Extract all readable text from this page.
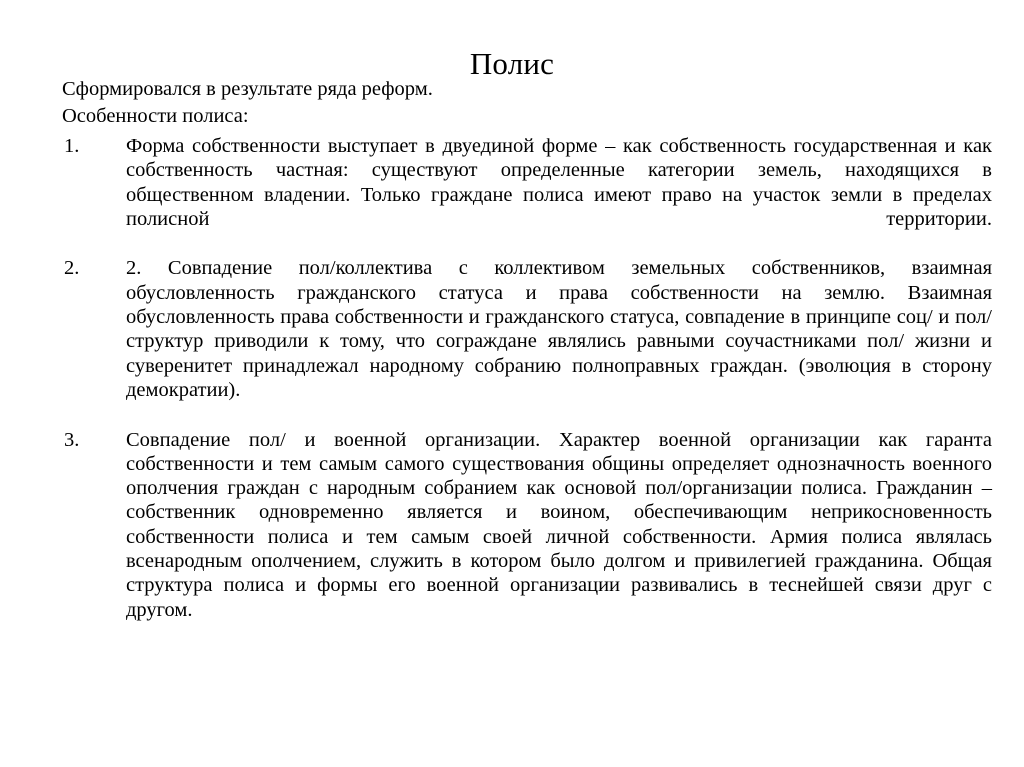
Полис
Сформировался в результате ряда реформ.
Особенности полиса:
1.	Форма собственности выступает в двуединой форме – как собственность государственная и как собственность частная: существуют определенные категории земель, находящихся в общественном владении. Только граждане полиса имеют право на участок земли в пределах полисной территории.
2.	2. Совпадение пол/коллектива с коллективом земельных собственников, взаимная обусловленность гражданского статуса и права собственности на землю. Взаимная обусловленность права собственности и гражданского статуса, совпадение в принципе соц/ и пол/структур приводили к тому, что сограждане являлись равными соучастниками пол/ жизни и суверенитет принадлежал народному собранию полноправных граждан. (эволюция в сторону демократии).
3.	Совпадение пол/ и военной организации. Характер военной организации как гаранта собственности и тем самым самого существования общины определяет однозначность военного ополчения граждан с народным собранием как основой пол/организации полиса. Гражданин – собственник одновременно является и воином, обеспечивающим неприкосновенность собственности полиса и тем самым своей личной собственности. Армия полиса являлась всенародным ополчением, служить в котором было долгом и привилегией гражданина. Общая структура полиса и формы его военной организации развивались в теснейшей связи друг с другом.
